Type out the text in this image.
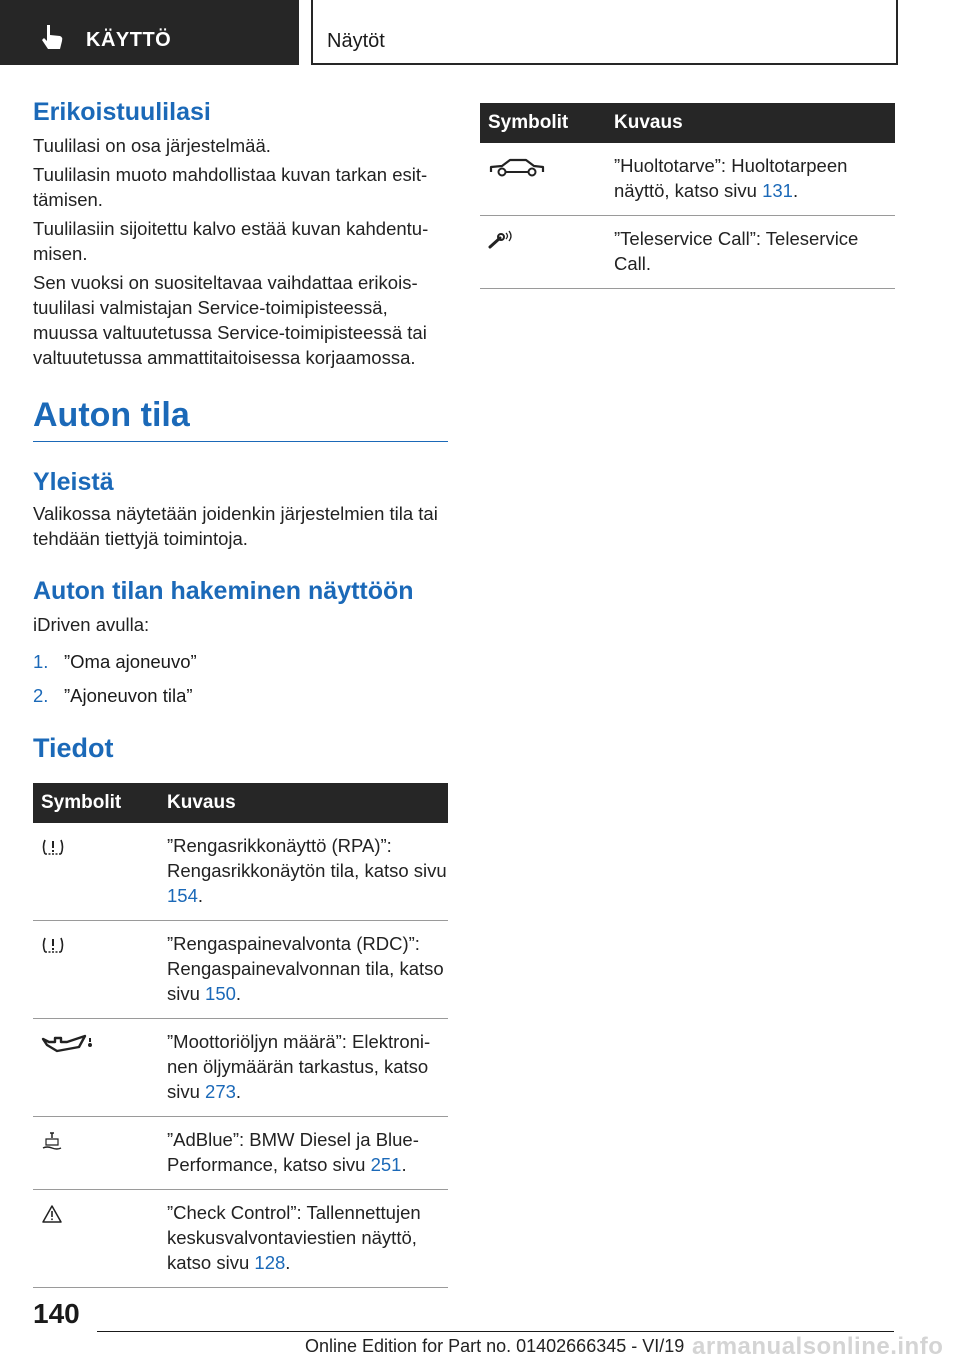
KÄYTTÖ	Näytöt
Erikoistuulilasi

Tuulilasi on osa järjestelmää.

Tuulilasin muoto mahdollistaa kuvan tarkan esittämisen.

Tuulilasiin sijoitettu kalvo estää kuvan kahdentumisen.

Sen vuoksi on suositeltavaa vaihdattaa erikoistuulilasi valmistajan Service-toimipisteessä, muussa valtuutetussa Service-toimipisteessä tai valtuutetussa ammattitaitoisessa korjaamossa.

Auton tila
Yleistä

Valikossa näytetään joidenkin järjestelmien tila tai tehdään tiettyjä toimintoja.

Auton tilan hakeminen näyttöön

iDriven avulla:

1. ”Oma ajoneuvo”
2. ”Ajoneuvon tila”
Tiedot
Symbolit	Kuvaus

	”Rengasrikkonäyttö (RPA)”: Rengasrikkonäytön tila, katso sivu 154.

	”Rengaspainevalvonta (RDC)”: Rengaspainevalvonnan tila, katso sivu 150.

	”Moottoriöljyn määrä”: Elektroninen öljymäärän tarkastus, katso sivu 273.

	”AdBlue”: BMW Diesel ja BluePerformance, katso sivu 251.

	”Check Control”: Tallennettujen keskusvalvontaviestien näyttö, katso sivu 128.
Symbolit	Kuvaus

	”Huoltotarve”: Huoltotarpeen näyttö, katso sivu 131.

	”Teleservice Call”: Teleservice Call.
140
Online Edition for Part no. 01402666345 - VI/19 armanualsonline.info
